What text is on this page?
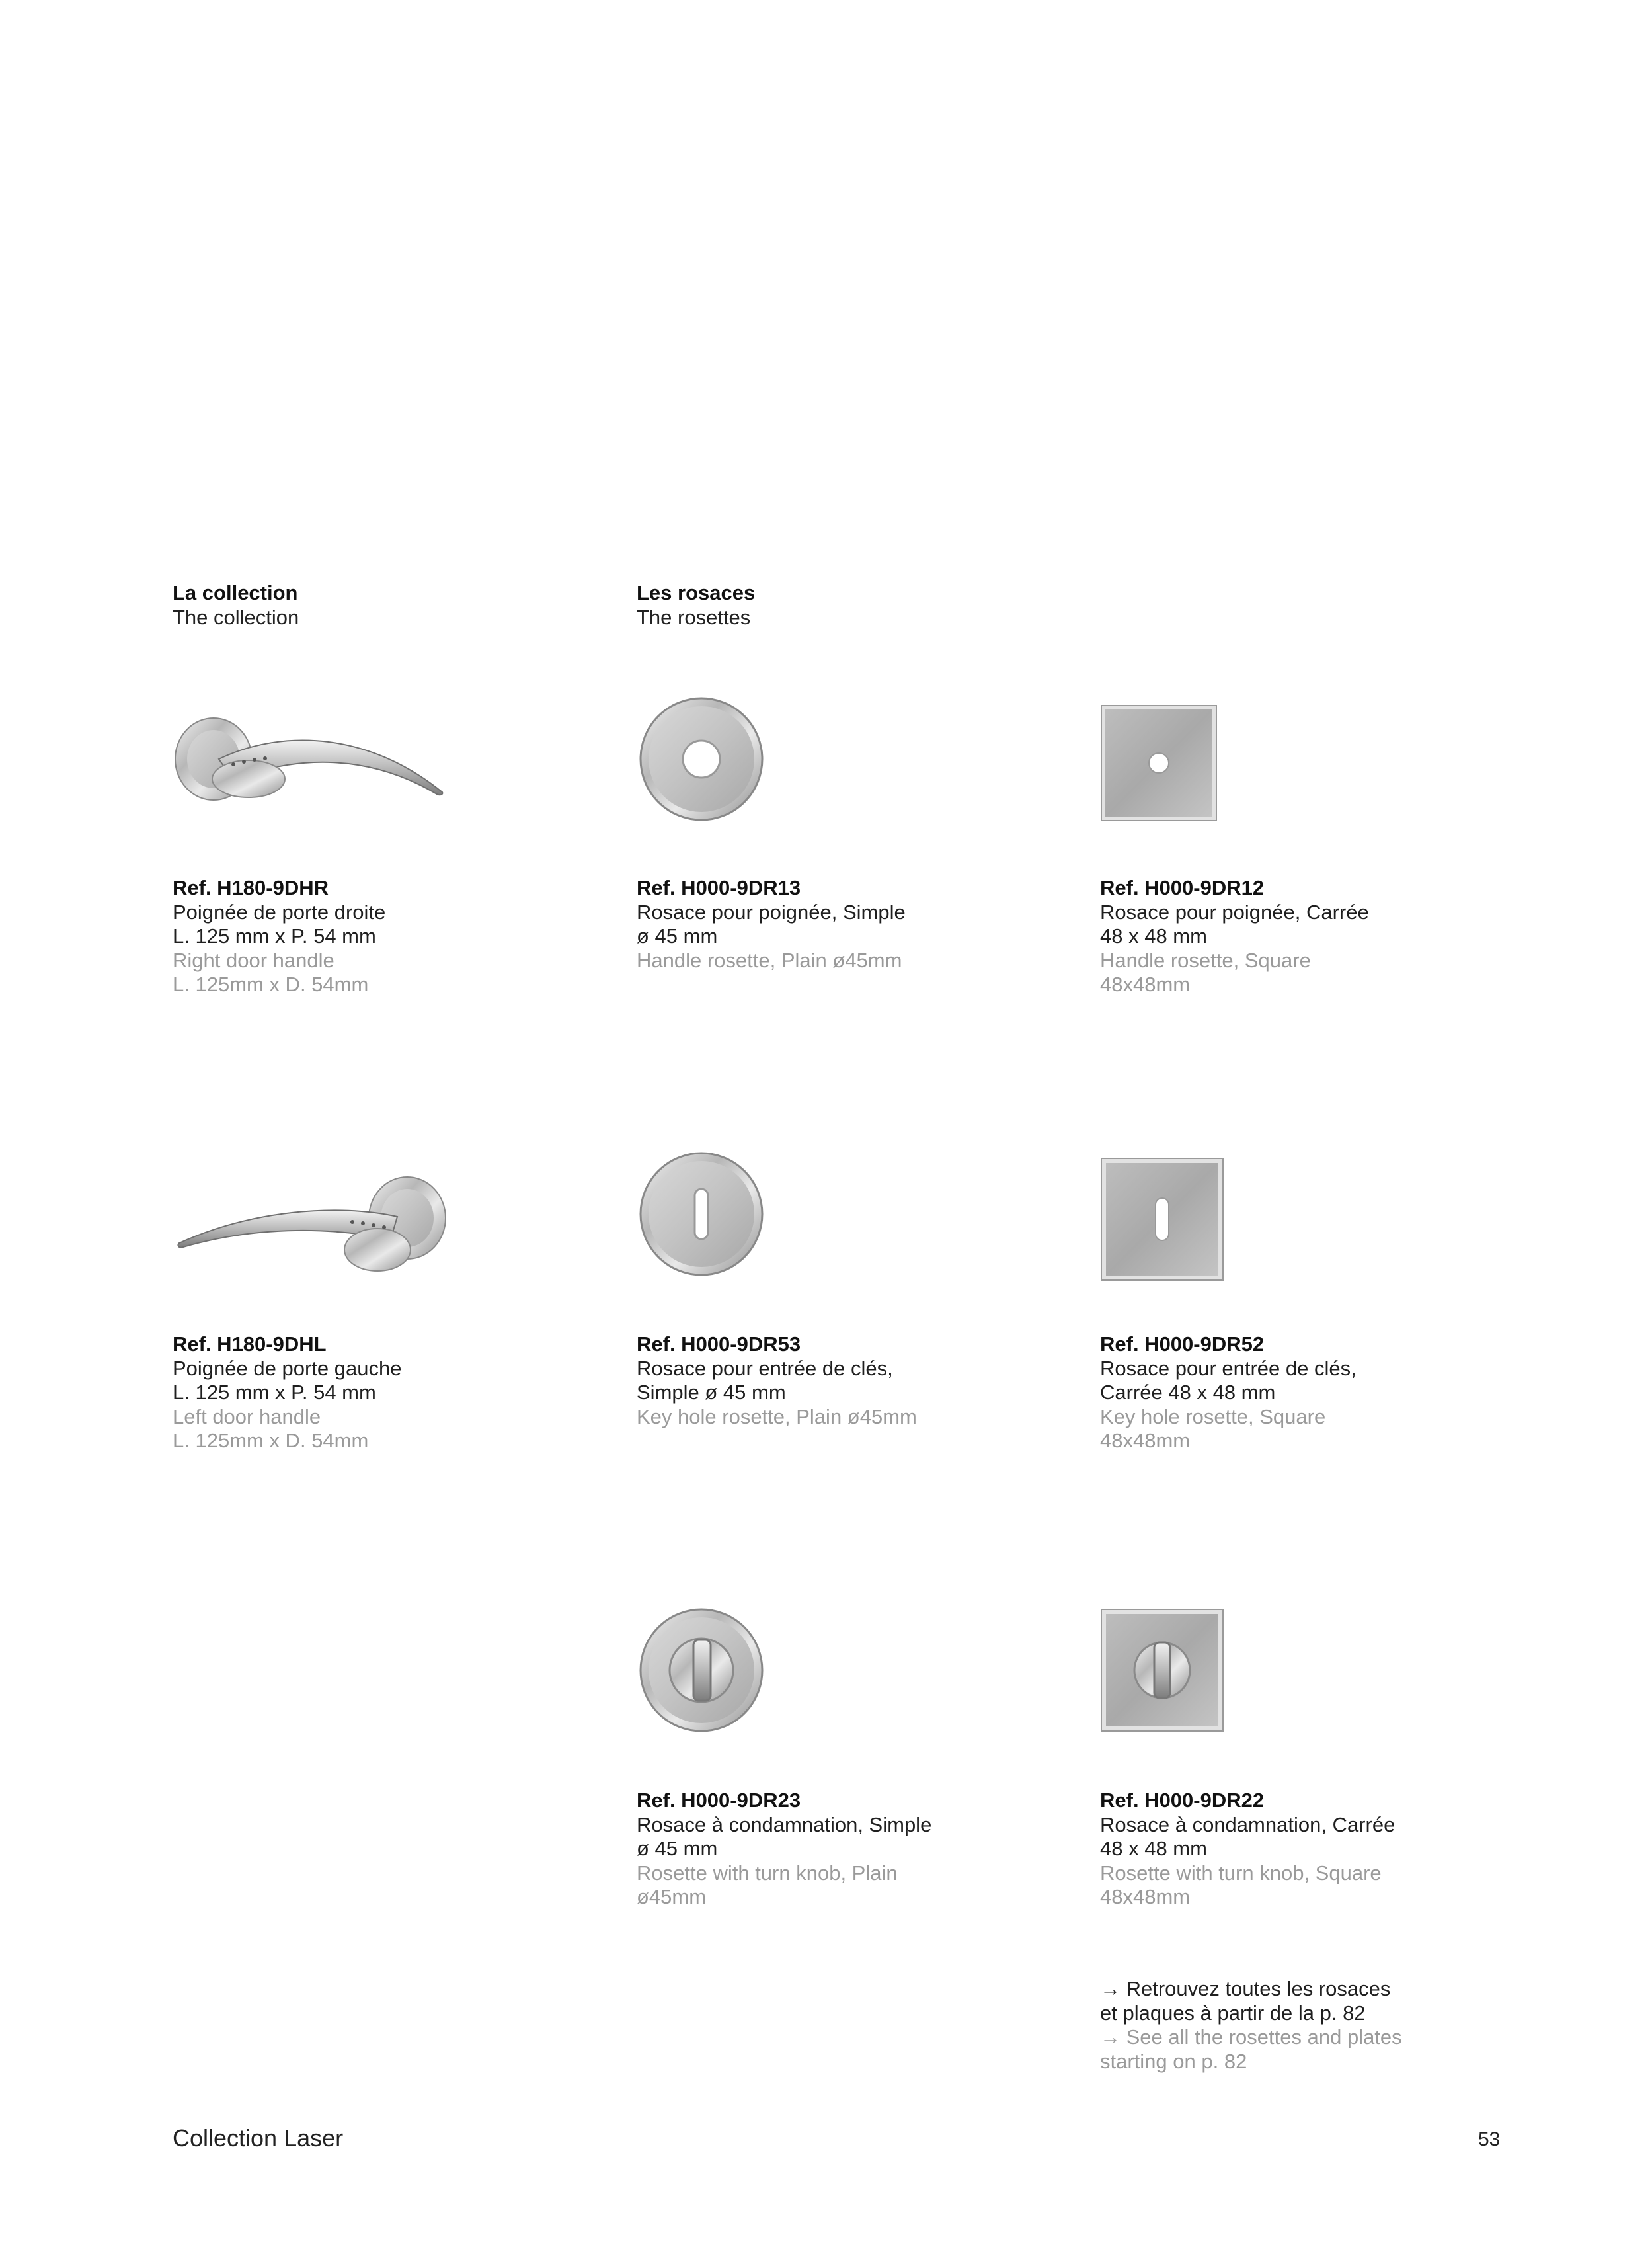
La collection
The collection
Les rosaces
The rosettes
Ref. H180-9DHR
Poignée de porte droite
L. 125 mm x P. 54 mm
Right door handle
L. 125mm x D. 54mm
Ref. H000-9DR13
Rosace pour poignée, Simple
ø 45 mm
Handle rosette, Plain ø45mm
Ref. H000-9DR12
Rosace pour poignée, Carrée
48 x 48 mm
Handle rosette, Square
48x48mm
Ref. H180-9DHL
Poignée de porte gauche
L. 125 mm x P. 54 mm
Left door handle
L. 125mm x D. 54mm
Ref. H000-9DR53
Rosace pour entrée de clés,
Simple ø 45 mm
Key hole rosette, Plain ø45mm
Ref. H000-9DR52
Rosace pour entrée de clés,
Carrée 48 x 48 mm
Key hole rosette, Square
48x48mm
Ref. H000-9DR23
Rosace à condamnation, Simple
ø 45 mm
Rosette with turn knob, Plain
ø45mm
Ref. H000-9DR22
Rosace à condamnation, Carrée
48 x 48 mm
Rosette with turn knob, Square
48x48mm
→ Retrouvez toutes les rosaces
et plaques à partir de la p. 82
→ See all the rosettes and plates
starting on p. 82
Collection Laser	53
